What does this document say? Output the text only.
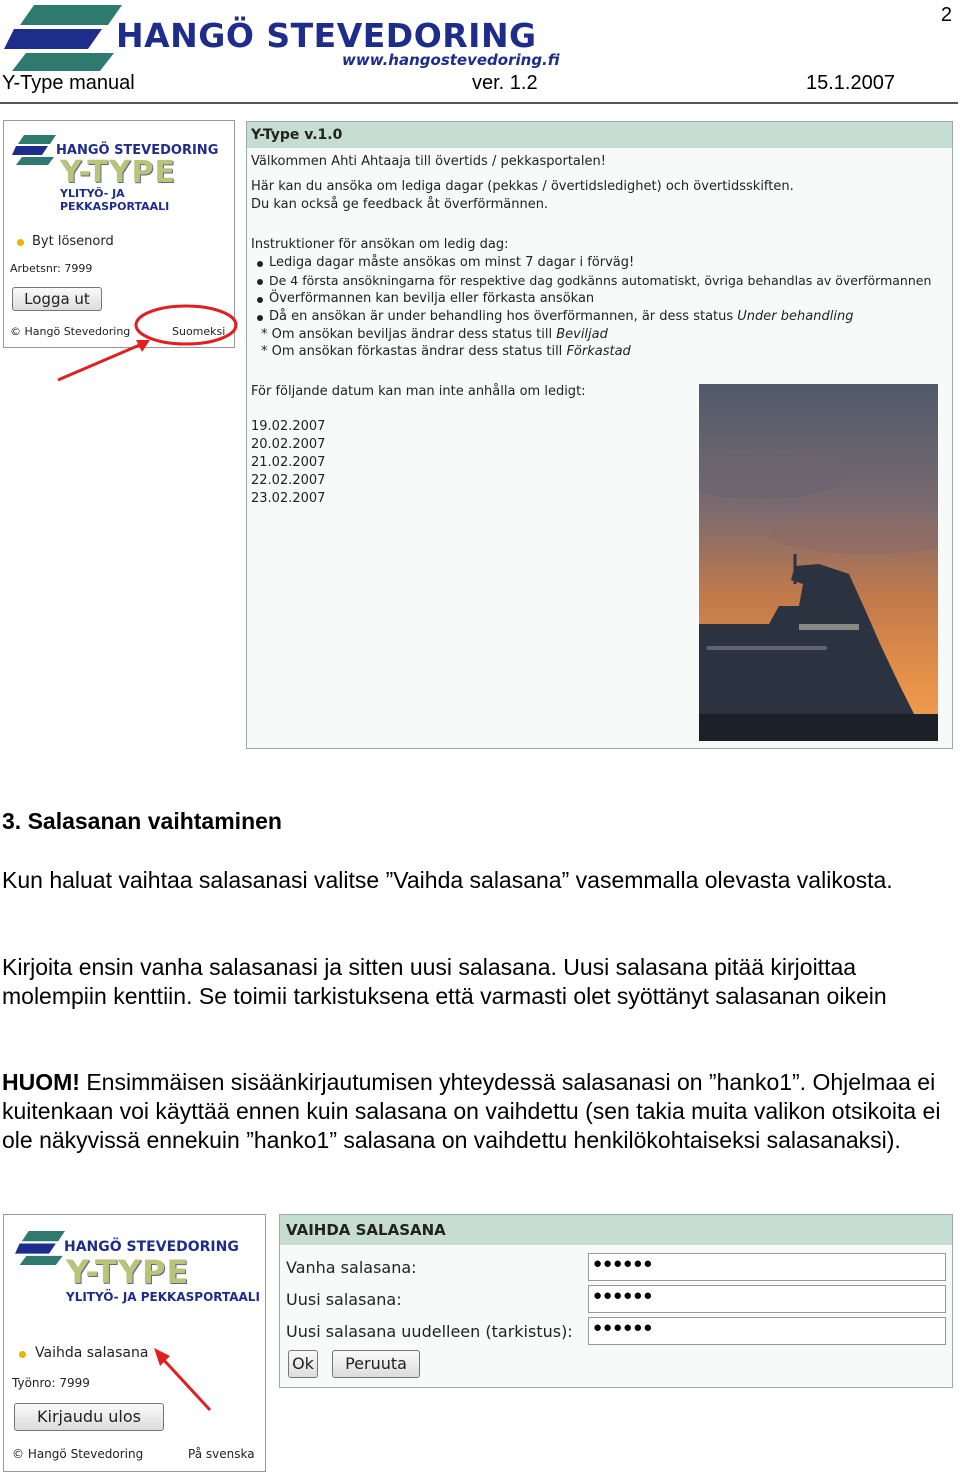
2
HANGÖ STEVEDORING
www.hangostevedoring.fi
Y-Type manual	ver. 1.2	15.1.2007
HANGÖ STEVEDORING
Y-TYPE
YLITYÖ- JA PEKKASPORTAALI
Byt lösenord
Arbetsnr: 7999
Logga ut
© Hangö Stevedoring	Suomeksi
Y-Type v.1.0
Välkommen Ahti Ahtaaja till övertids / pekkasportalen!
Här kan du ansöka om lediga dagar (pekkas / övertidsledighet) och övertidsskiften.
Du kan också ge feedback åt överförmännen.
Instruktioner för ansökan om ledig dag:
Lediga dagar måste ansökas om minst 7 dagar i förväg!
De 4 första ansökningarna för respektive dag godkänns automatiskt, övriga behandlas av överförmannen
Överförmannen kan bevilja eller förkasta ansökan
Då en ansökan är under behandling hos överförmannen, är dess status Under behandling
* Om ansökan beviljas ändrar dess status till Beviljad
* Om ansökan förkastas ändrar dess status till Förkastad
För följande datum kan man inte anhålla om ledigt:
19.02.2007
20.02.2007
21.02.2007
22.02.2007
23.02.2007
3. Salasanan vaihtaminen
Kun haluat vaihtaa salasanasi valitse ”Vaihda salasana” vasemmalla olevasta valikosta.
Kirjoita ensin vanha salasanasi ja sitten uusi salasana. Uusi salasana pitää kirjoittaa molempiin kenttiin. Se toimii tarkistuksena että varmasti olet syöttänyt salasanan oikein
HUOM! Ensimmäisen sisäänkirjautumisen yhteydessä salasanasi on ”hanko1”. Ohjelmaa ei kuitenkaan voi käyttää ennen kuin salasana on vaihdettu (sen takia muita valikon otsikoita ei ole näkyvissä ennekuin ”hanko1” salasana on vaihdettu henkilökohtaiseksi salasanaksi).
HANGÖ STEVEDORING
Y-TYPE
YLITYÖ- JA PEKKASPORTAALI
Vaihda salasana
Työnro: 7999
Kirjaudu ulos
© Hangö Stevedoring	På svenska
VAIHDA SALASANA
Vanha salasana:	●●●●●●
Uusi salasana:	●●●●●●
Uusi salasana uudelleen (tarkistus):	●●●●●●
Ok	Peruuta
